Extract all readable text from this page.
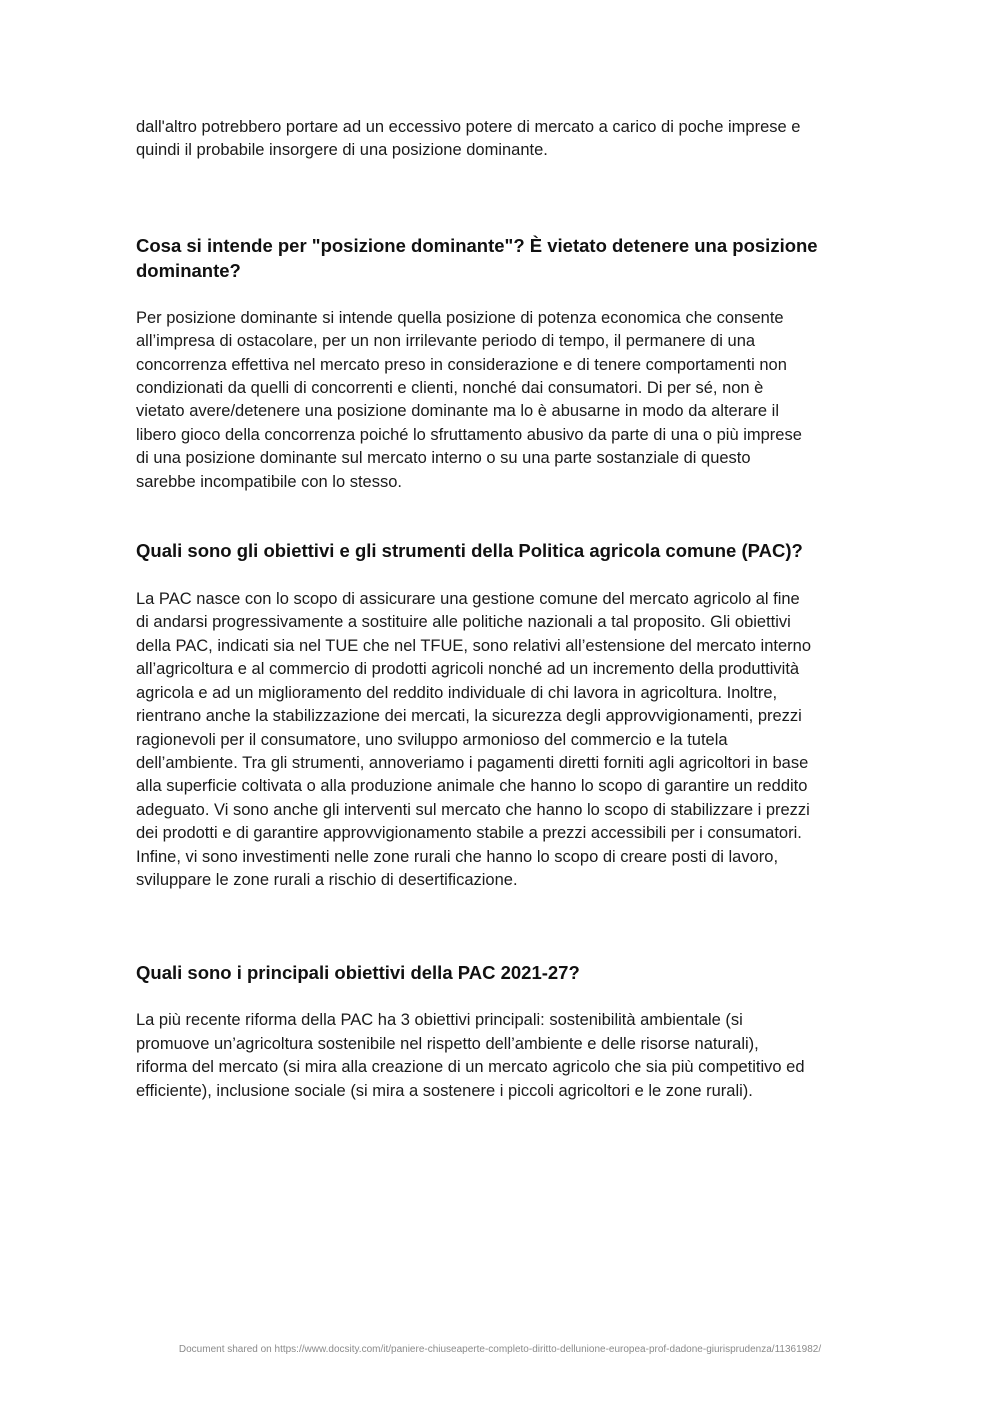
dall'altro potrebbero portare ad un eccessivo potere di mercato a carico di poche imprese e
quindi il probabile insorgere di una posizione dominante.

Cosa si intende per "posizione dominante"? È vietato detenere una posizione
dominante?

Per posizione dominante si intende quella posizione di potenza economica che consente
all’impresa di ostacolare, per un non irrilevante periodo di tempo, il permanere di una
concorrenza effettiva nel mercato preso in considerazione e di tenere comportamenti non
condizionati da quelli di concorrenti e clienti, nonché dai consumatori. Di per sé, non è
vietato avere/detenere una posizione dominante ma lo è abusarne in modo da alterare il
libero gioco della concorrenza poiché lo sfruttamento abusivo da parte di una o più imprese
di una posizione dominante sul mercato interno o su una parte sostanziale di questo
sarebbe incompatibile con lo stesso.

Quali sono gli obiettivi e gli strumenti della Politica agricola comune (PAC)?

La PAC nasce con lo scopo di assicurare una gestione comune del mercato agricolo al fine
di andarsi progressivamente a sostituire alle politiche nazionali a tal proposito. Gli obiettivi
della PAC, indicati sia nel TUE che nel TFUE, sono relativi all’estensione del mercato interno
all’agricoltura e al commercio di prodotti agricoli nonché ad un incremento della produttività
agricola e ad un miglioramento del reddito individuale di chi lavora in agricoltura. Inoltre,
rientrano anche la stabilizzazione dei mercati, la sicurezza degli approvvigionamenti, prezzi
ragionevoli per il consumatore, uno sviluppo armonioso del commercio e la tutela
dell’ambiente. Tra gli strumenti, annoveriamo i pagamenti diretti forniti agli agricoltori in base
alla superficie coltivata o alla produzione animale che hanno lo scopo di garantire un reddito
adeguato. Vi sono anche gli interventi sul mercato che hanno lo scopo di stabilizzare i prezzi
dei prodotti e di garantire approvvigionamento stabile a prezzi accessibili per i consumatori.
Infine, vi sono investimenti nelle zone rurali che hanno lo scopo di creare posti di lavoro,
sviluppare le zone rurali a rischio di desertificazione.

Quali sono i principali obiettivi della PAC 2021-27?

La più recente riforma della PAC ha 3 obiettivi principali: sostenibilità ambientale (si
promuove un’agricoltura sostenibile nel rispetto dell’ambiente e delle risorse naturali),
riforma del mercato (si mira alla creazione di un mercato agricolo che sia più competitivo ed
efficiente), inclusione sociale (si mira a sostenere i piccoli agricoltori e le zone rurali).

Document shared on https://www.docsity.com/it/paniere-chiuseaperte-completo-diritto-dellunione-europea-prof-dadone-giurisprudenza/11361982/
